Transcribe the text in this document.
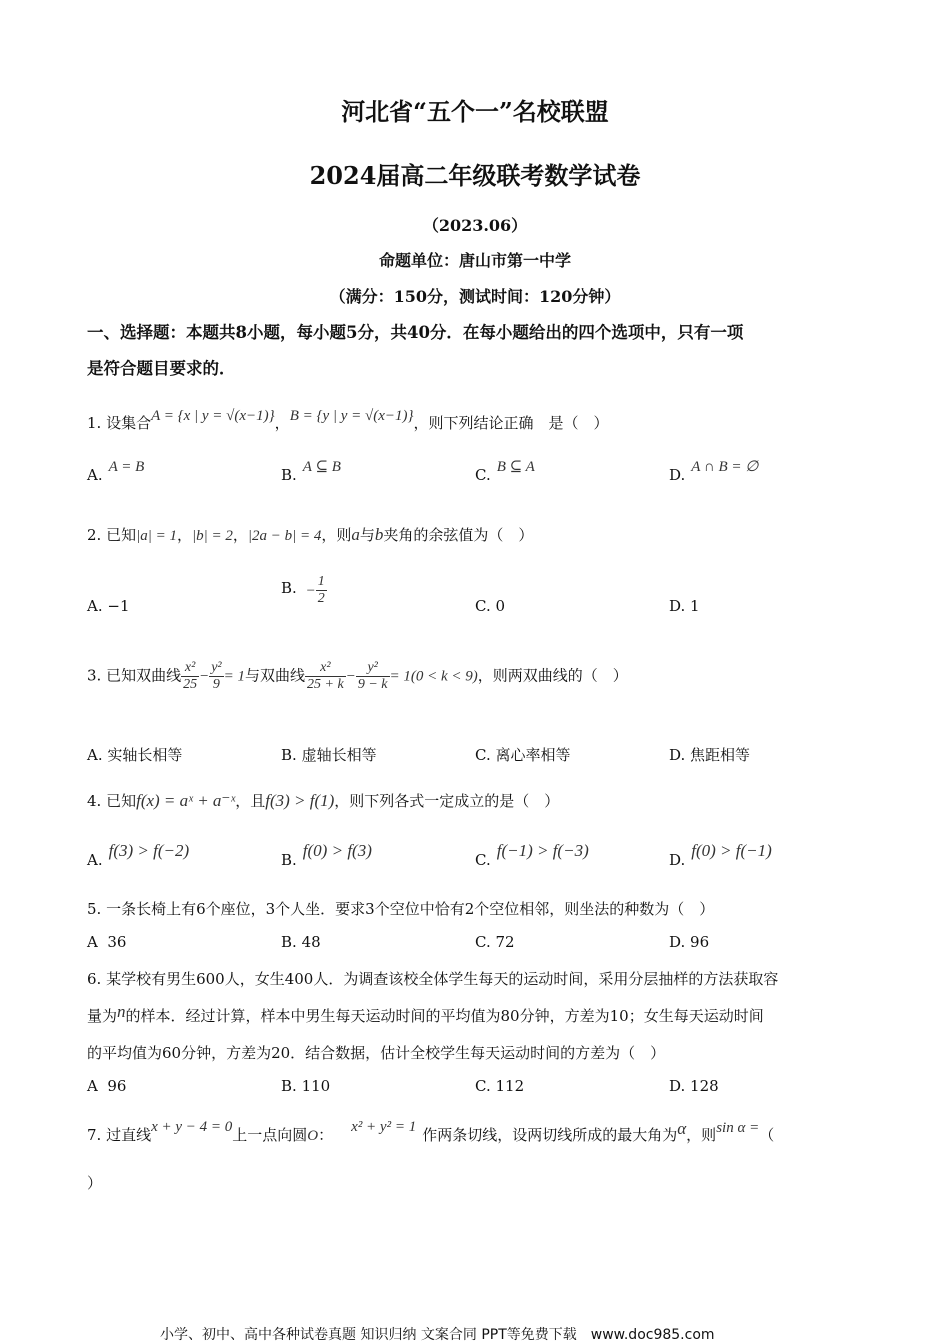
河北省“五个一”名校联盟
2024届高二年级联考数学试卷
（2023.06）
命题单位：唐山市第一中学
（满分：150分，测试时间：120分钟）
一、选择题：本题共8小题，每小题5分，共40分．在每小题给出的四个选项中，只有一项
是符合题目要求的．
1. 设集合A = {x | y = √(x−1)}，B = {y | y = √(x−1)}，则下列结论正确　是（　）
A. A = B	B. A ⊆ B	C. B ⊆ A	D. A ∩ B = ∅
2. 已知|a| = 1，|b| = 2，|2a − b| = 4，则a与b夹角的余弦值为（　）
A. −1
B. − $\frac{1}{2}$	C. 0	D. 1
3. 已知双曲线 $\frac{\text{x²}}{25} - \frac{\text{y²}}{9} = 1$与双曲线 $\frac{\text{x²}}{25 + k} - \frac{\text{y²}}{9 - k} = 1(0 < k < 9)$，则两双曲线的（　）
A. 实轴长相等	B. 虚轴长相等	C. 离心率相等	D. 焦距相等
4. 已知f(x) = aˣ + a⁻ˣ，且f(3) > f(1)，则下列各式一定成立的是（　）
A. f(3) > f(−2)	B. f(0) > f(3)	C. f(−1) > f(−3)	D. f(0) > f(−1)
5. 一条长椅上有6个座位，3个人坐．要求3个空位中恰有2个空位相邻，则坐法的种数为（　）
A 36	B. 48	C. 72	D. 96
6. 某学校有男生600人，女生400人．为调查该校全体学生每天的运动时间，采用分层抽样的方法获取容
量为n的样本．经过计算，样本中男生每天运动时间的平均值为80分钟，方差为10；女生每天运动时间
的平均值为60分钟，方差为20．结合数据，估计全校学生每天运动时间的方差为（　）
A 96	B. 110	C. 112	D. 128
7. 过直线x + y − 4 = 0上一点向圆O： x² + y² = 1 作两条切线，设两切线所成的最大角为α，则sin α =（
）
小学、初中、高中各种试卷真题 知识归纳 文案合同 PPT等免费下载　www.doc985.com
